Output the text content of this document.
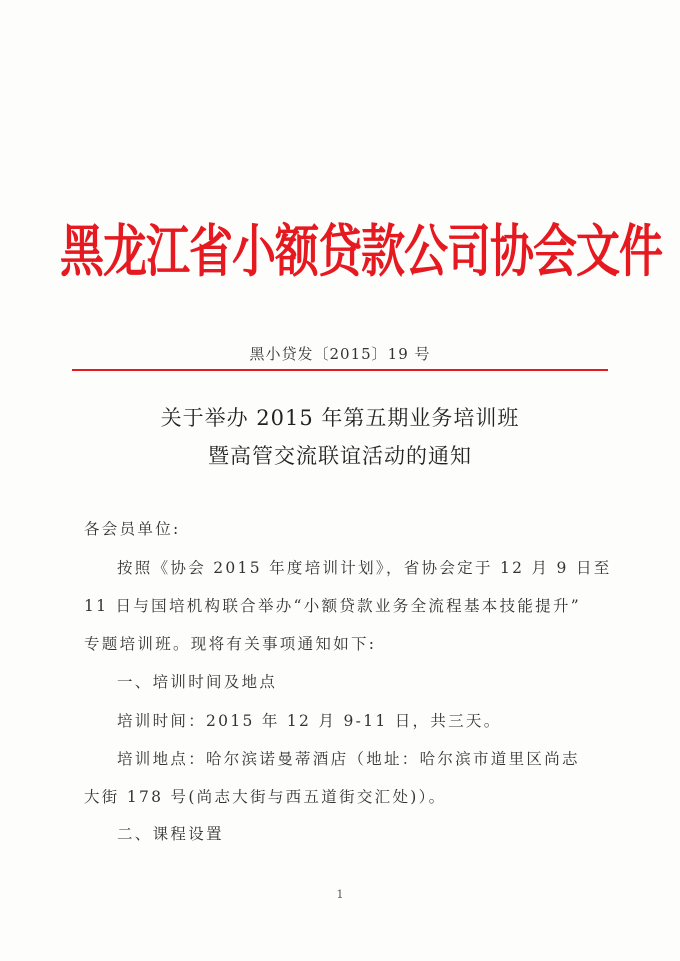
黑龙江省小额贷款公司协会文件
黑小贷发〔2015〕19 号
关于举办 2015 年第五期业务培训班
暨高管交流联谊活动的通知
各会员单位:
按照《协会 2015 年度培训计划》，省协会定于 12 月 9 日至
11 日与国培机构联合举办“小额贷款业务全流程基本技能提升”
专题培训班。现将有关事项通知如下:
一、培训时间及地点
培训时间：2015 年 12 月 9-11 日，共三天。
培训地点：哈尔滨诺曼蒂酒店（地址：哈尔滨市道里区尚志
大街 178 号(尚志大街与西五道街交汇处)）。
二、课程设置
1
